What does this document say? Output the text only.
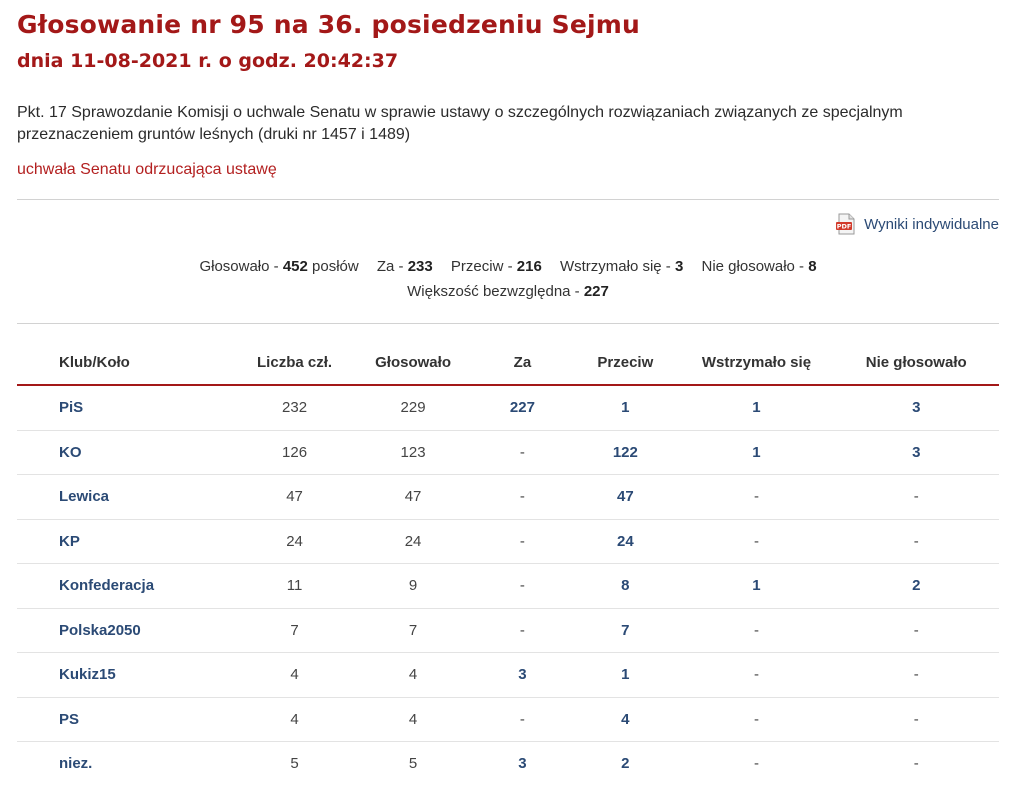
Głosowanie nr 95 na 36. posiedzeniu Sejmu
dnia 11-08-2021 r. o godz. 20:42:37
Pkt. 17 Sprawozdanie Komisji o uchwale Senatu w sprawie ustawy o szczególnych rozwiązaniach związanych ze specjalnym przeznaczeniem gruntów leśnych (druki nr 1457 i 1489)
uchwała Senatu odrzucająca ustawę
PDF Wyniki indywidualne
Głosowało - 452 posłów Za - 233 Przeciw - 216 Wstrzymało się - 3 Nie głosowało - 8
Większość bezwzględna - 227
Klub/Koło	Liczba czł.	Głosowało	Za	Przeciw	Wstrzymało się	Nie głosowało
PiS	232	229	227	1	1	3
KO	126	123	-	122	1	3
Lewica	47	47	-	47	-	-
KP	24	24	-	24	-	-
Konfederacja	11	9	-	8	1	2
Polska2050	7	7	-	7	-	-
Kukiz15	4	4	3	1	-	-
PS	4	4	-	4	-	-
niez.	5	5	3	2	-	-
